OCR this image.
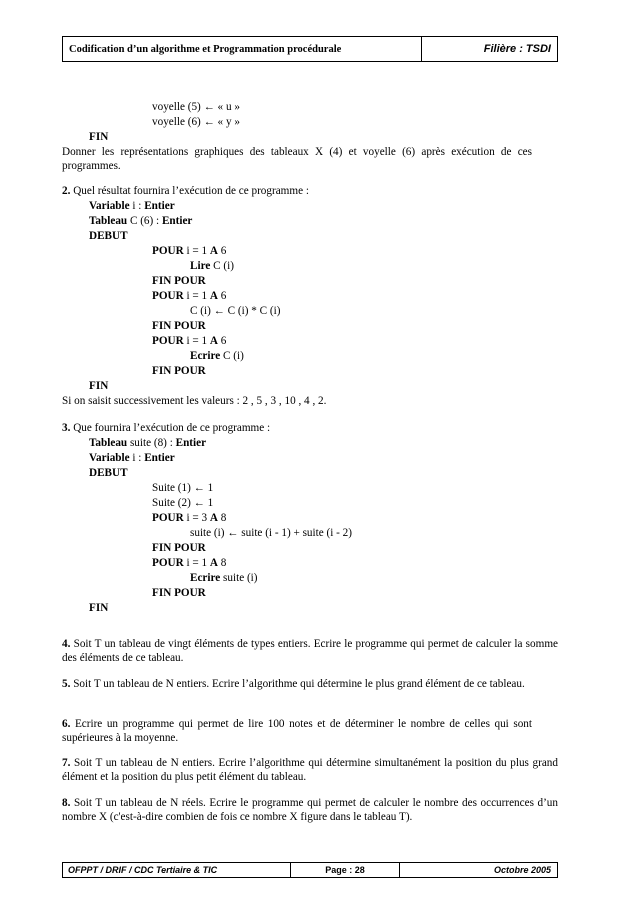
Codification d’un algorithme et Programmation procédurale	Filière : TSDI
voyelle (5) ← « u »
voyelle (6) ← « y »
FIN
Donner les représentations graphiques des tableaux X (4) et voyelle (6) après exécution de ces programmes.
2. Quel résultat fournira l’exécution de ce programme :
Variable i : Entier
Tableau C (6) : Entier
DEBUT
POUR i = 1 A 6
Lire C (i)
FIN POUR
POUR i = 1 A 6
C (i) ← C (i) * C (i)
FIN POUR
POUR i = 1 A 6
Ecrire C (i)
FIN POUR
FIN
Si on saisit successivement les valeurs : 2 , 5 , 3 , 10 , 4 , 2.
3. Que fournira l’exécution de ce programme :
Tableau suite (8) : Entier
Variable i : Entier
DEBUT
Suite (1) ← 1
Suite (2) ← 1
POUR i = 3 A 8
suite (i) ← suite (i - 1) + suite (i - 2)
FIN POUR
POUR i = 1 A 8
Ecrire suite (i)
FIN POUR
FIN
4. Soit T un tableau de vingt éléments de types entiers. Ecrire le programme qui permet de calculer la somme des éléments de ce tableau.
5. Soit T un tableau de N entiers. Ecrire l’algorithme qui détermine le plus grand élément de ce tableau.
6. Ecrire un programme qui permet de lire 100 notes et de déterminer le nombre de celles qui sont supérieures à la moyenne.
7. Soit T un tableau de N entiers. Ecrire l’algorithme qui détermine simultanément la position du plus grand élément et la position du plus petit élément du tableau.
8. Soit T un tableau de N réels. Ecrire le programme qui permet de calculer le nombre des occurrences d’un nombre X (c'est-à-dire combien de fois ce nombre X figure dans le tableau T).
OFPPT / DRIF / CDC Tertiaire & TIC	Page : 28	Octobre 2005
